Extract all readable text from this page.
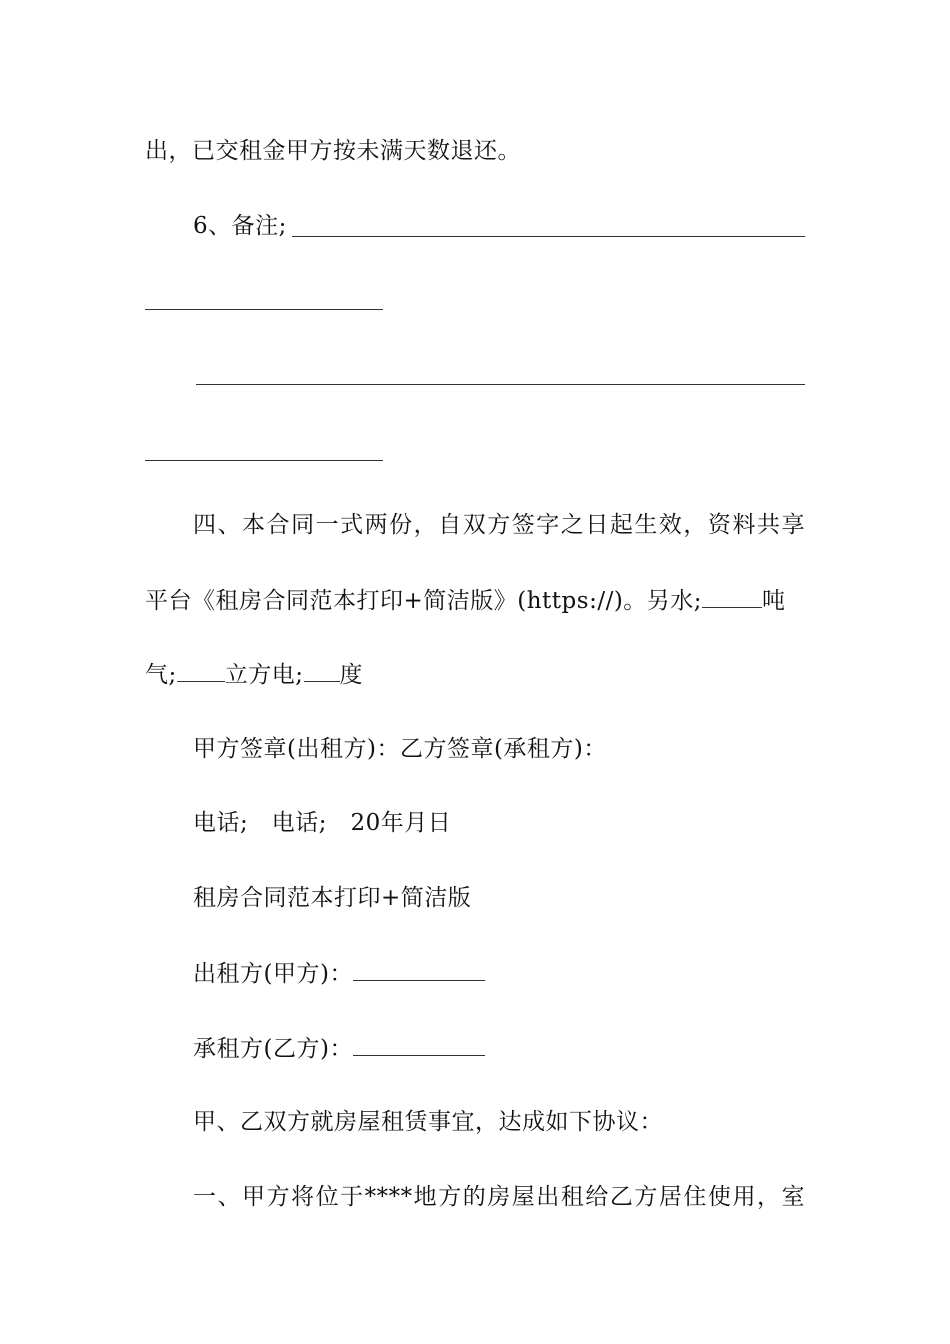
出，已交租金甲方按未满天数退还。
6、备注;
四、本合同一式两份，自双方签字之日起生效，资料共享
平台《租房合同范本打印+简洁版》(https://)。另水;	吨
气; 立方电; 度
甲方签章(出租方)：乙方签章(承租方)：
电话;　电话;　20年月日
租房合同范本打印+简洁版
出租方(甲方)：
承租方(乙方)：
甲、乙双方就房屋租赁事宜，达成如下协议：
一、甲方将位于****地方的房屋出租给乙方居住使用，室
